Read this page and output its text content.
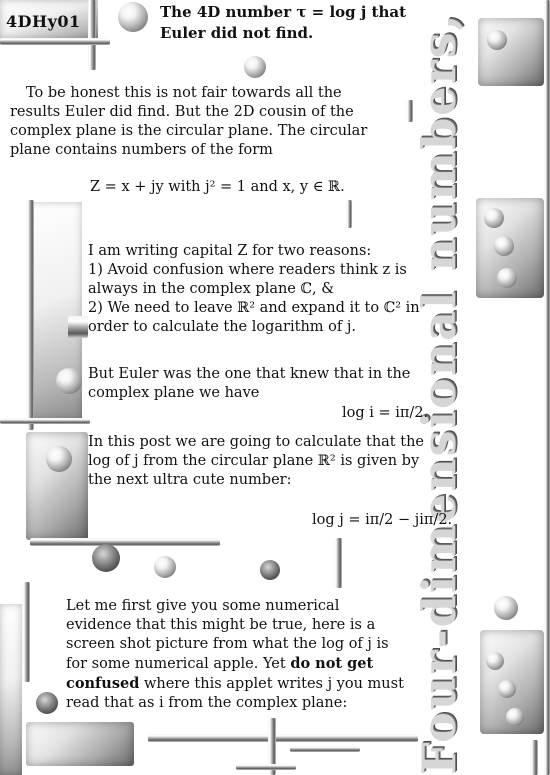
Four-dimensional numbers,
4DHy01	The 4D number τ = log j that Euler did not find.

To be honest this is not fair towards all the results Euler did find. But the 2D cousin of the complex plane is the circular plane. The circular plane contains numbers of the form

Z = x + jy with j² = 1 and x, y ∈ ℝ.

I am writing capital Z for two reasons:

1) Avoid confusion where readers think z is always in the complex plane ℂ, &

2) We need to leave ℝ² and expand it to ℂ² in order to calculate the logarithm of j.

But Euler was the one that knew that in the complex plane we have

log i = iπ/2.

In this post we are going to calculate that the log of j from the circular plane ℝ² is given by the next ultra cute number:

log j = iπ/2 − jiπ/2.

Let me first give you some numerical evidence that this might be true, here is a screen shot picture from what the log of j is for some numerical apple. Yet do not get confused where this applet writes j you must read that as i from the complex plane:
